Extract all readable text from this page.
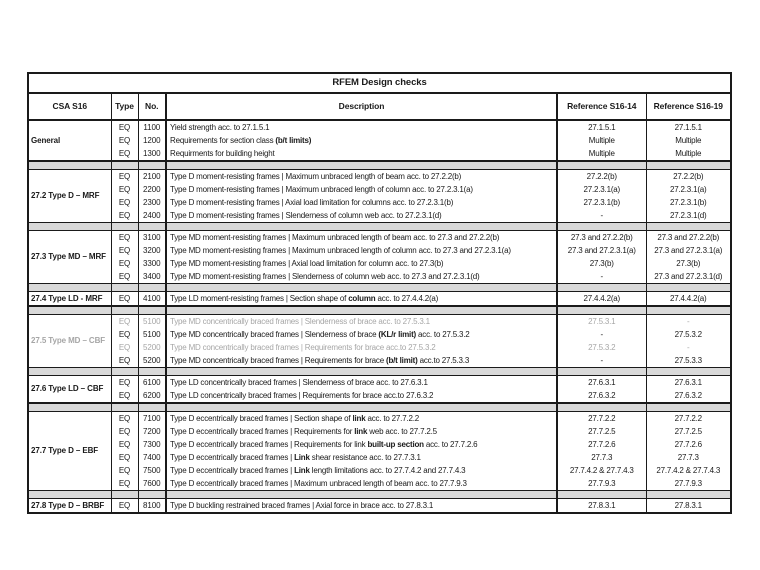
RFEM Design checks					
CSA S16	Type	No.	Description	Reference S16-14	Reference S16-19
General	EQ	1100	Yield strength acc. to 27.1.5.1	27.1.5.1	27.1.5.1
	EQ	1200	Requirements for section class (b/t limits)	Multiple	Multiple
	EQ	1300	Requirments for building height	Multiple	Multiple

27.2 Type D – MRF	EQ	2100	Type D moment-resisting frames | Maximum unbraced length of beam acc. to 27.2.2(b)	27.2.2(b)	27.2.2(b)
	EQ	2200	Type D moment-resisting frames | Maximum unbraced length of column acc. to 27.2.3.1(a)	27.2.3.1(a)	27.2.3.1(a)
	EQ	2300	Type D moment-resisting frames | Axial load limitation for columns acc. to 27.2.3.1(b)	27.2.3.1(b)	27.2.3.1(b)
	EQ	2400	Type D moment-resisting frames | Slenderness of column web acc. to 27.2.3.1(d)	-	27.2.3.1(d)

27.3 Type MD – MRF	EQ	3100	Type MD moment-resisting frames | Maximum unbraced length of beam acc. to 27.3 and 27.2.2(b)	27.3 and 27.2.2(b)	27.3 and 27.2.2(b)
	EQ	3200	Type MD moment-resisting frames | Maximum unbraced length of column acc. to 27.3 and 27.2.3.1(a)	27.3 and 27.2.3.1(a)	27.3 and 27.2.3.1(a)
	EQ	3300	Type MD moment-resisting frames | Axial load limitation for column acc. to 27.3(b)	27.3(b)	27.3(b)
	EQ	3400	Type MD moment-resisting frames | Slenderness of column web acc. to 27.3 and 27.2.3.1(d)	-	27.3 and 27.2.3.1(d)

27.4 Type LD - MRF	EQ	4100	Type LD moment-resisting frames | Section shape of column acc. to 27.4.4.2(a)	27.4.4.2(a)	27.4.4.2(a)

27.5 Type MD – CBF	EQ	5100	Type MD concentrically braced frames | Slenderness of brace acc. to 27.5.3.1	27.5.3.1	-
	EQ	5100	Type MD concentrically braced frames | Slenderness of brace (KL/r limit) acc. to 27.5.3.2	-	27.5.3.2
	EQ	5200	Type MD concentrically braced frames | Requirements for brace acc.to 27.5.3.2	27.5.3.2	-
	EQ	5200	Type MD concentrically braced frames | Requirements for brace (b/t limit) acc.to 27.5.3.3	-	27.5.3.3

27.6 Type LD – CBF	EQ	6100	Type LD concentrically braced frames | Slenderness of brace acc. to 27.6.3.1	27.6.3.1	27.6.3.1
	EQ	6200	Type LD concentrically braced frames | Requirements for brace acc.to 27.6.3.2	27.6.3.2	27.6.3.2

27.7 Type D – EBF	EQ	7100	Type D eccentrically braced frames | Section shape of link acc. to 27.7.2.2	27.7.2.2	27.7.2.2
	EQ	7200	Type D eccentrically braced frames | Requirements for link web acc. to 27.7.2.5	27.7.2.5	27.7.2.5
	EQ	7300	Type D eccentrically braced frames | Requirements for link built-up section acc. to 27.7.2.6	27.7.2.6	27.7.2.6
	EQ	7400	Type D eccentrically braced frames | Link shear resistance acc. to 27.7.3.1	27.7.3	27.7.3
	EQ	7500	Type D eccentrically braced frames | Link length limitations acc. to 27.7.4.2 and 27.7.4.3	27.7.4.2 & 27.7.4.3	27.7.4.2 & 27.7.4.3
	EQ	7600	Type D eccentrically braced frames | Maximum unbraced length of beam acc. to 27.7.9.3	27.7.9.3	27.7.9.3

27.8 Type D – BRBF	EQ	8100	Type D buckling restrained braced frames | Axial force in brace acc. to 27.8.3.1	27.8.3.1	27.8.3.1
